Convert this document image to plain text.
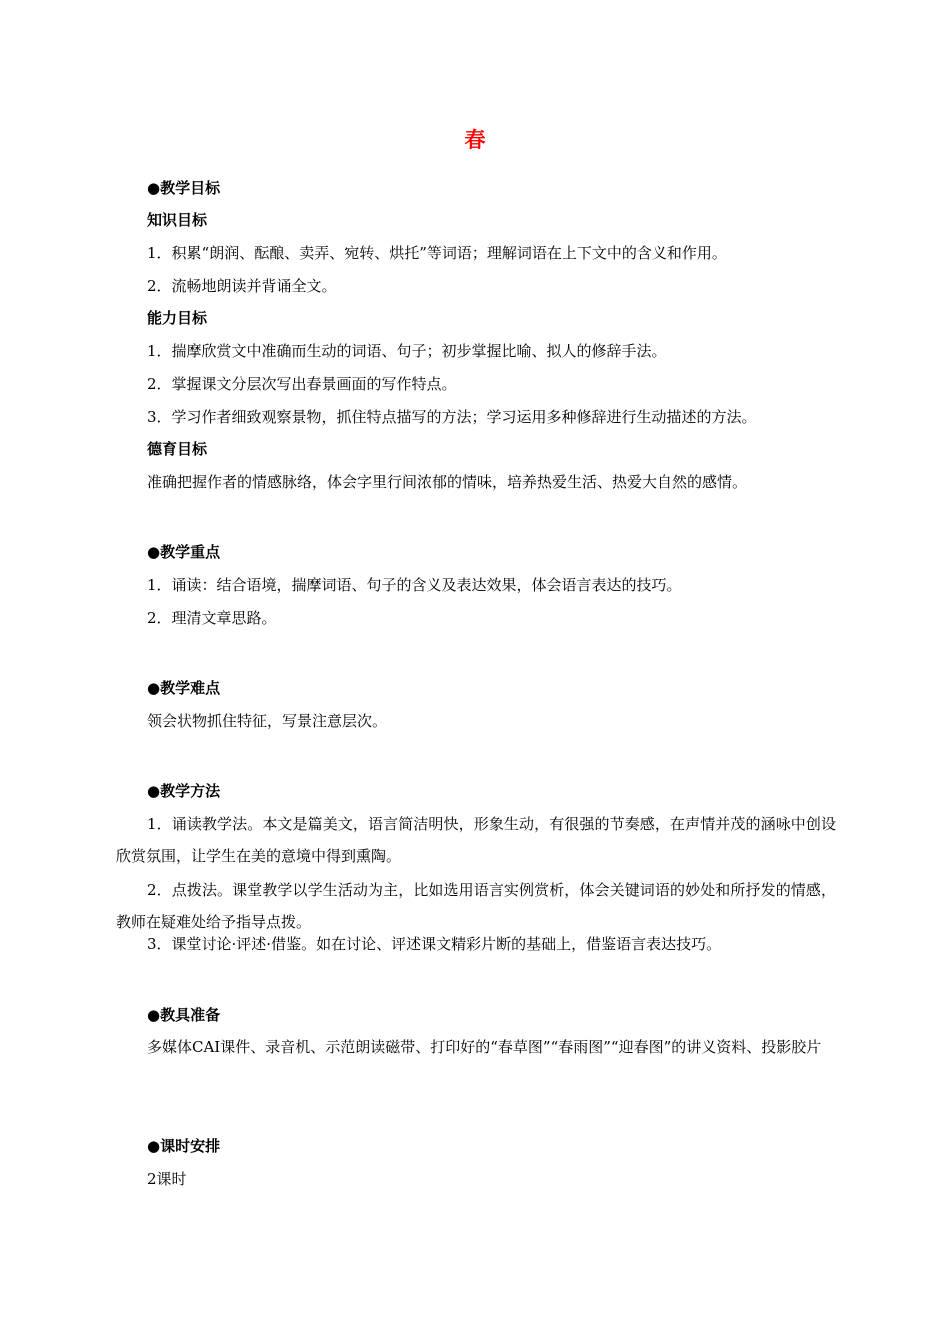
春
●教学目标
知识目标
1．积累“朗润、酝酿、卖弄、宛转、烘托”等词语；理解词语在上下文中的含义和作用。
2．流畅地朗读并背诵全文。
能力目标
1．揣摩欣赏文中准确而生动的词语、句子；初步掌握比喻、拟人的修辞手法。
2．掌握课文分层次写出春景画面的写作特点。
3．学习作者细致观察景物，抓住特点描写的方法；学习运用多种修辞进行生动描述的方法。
德育目标
准确把握作者的情感脉络，体会字里行间浓郁的情味，培养热爱生活、热爱大自然的感情。
●教学重点
1．诵读：结合语境，揣摩词语、句子的含义及表达效果，体会语言表达的技巧。
2．理清文章思路。
●教学难点
领会状物抓住特征，写景注意层次。
●教学方法
1．诵读教学法。本文是篇美文，语言简洁明快，形象生动，有很强的节奏感，在声情并茂的涵咏中创设欣赏氛围，让学生在美的意境中得到熏陶。
2．点拨法。课堂教学以学生活动为主，比如选用语言实例赏析，体会关键词语的妙处和所抒发的情感，教师在疑难处给予指导点拨。
3．课堂讨论·评述·借鉴。如在讨论、评述课文精彩片断的基础上，借鉴语言表达技巧。
●教具准备
多媒体CAI课件、录音机、示范朗读磁带、打印好的“春草图”“春雨图”“迎春图”的讲义资料、投影胶片
●课时安排
2课时
